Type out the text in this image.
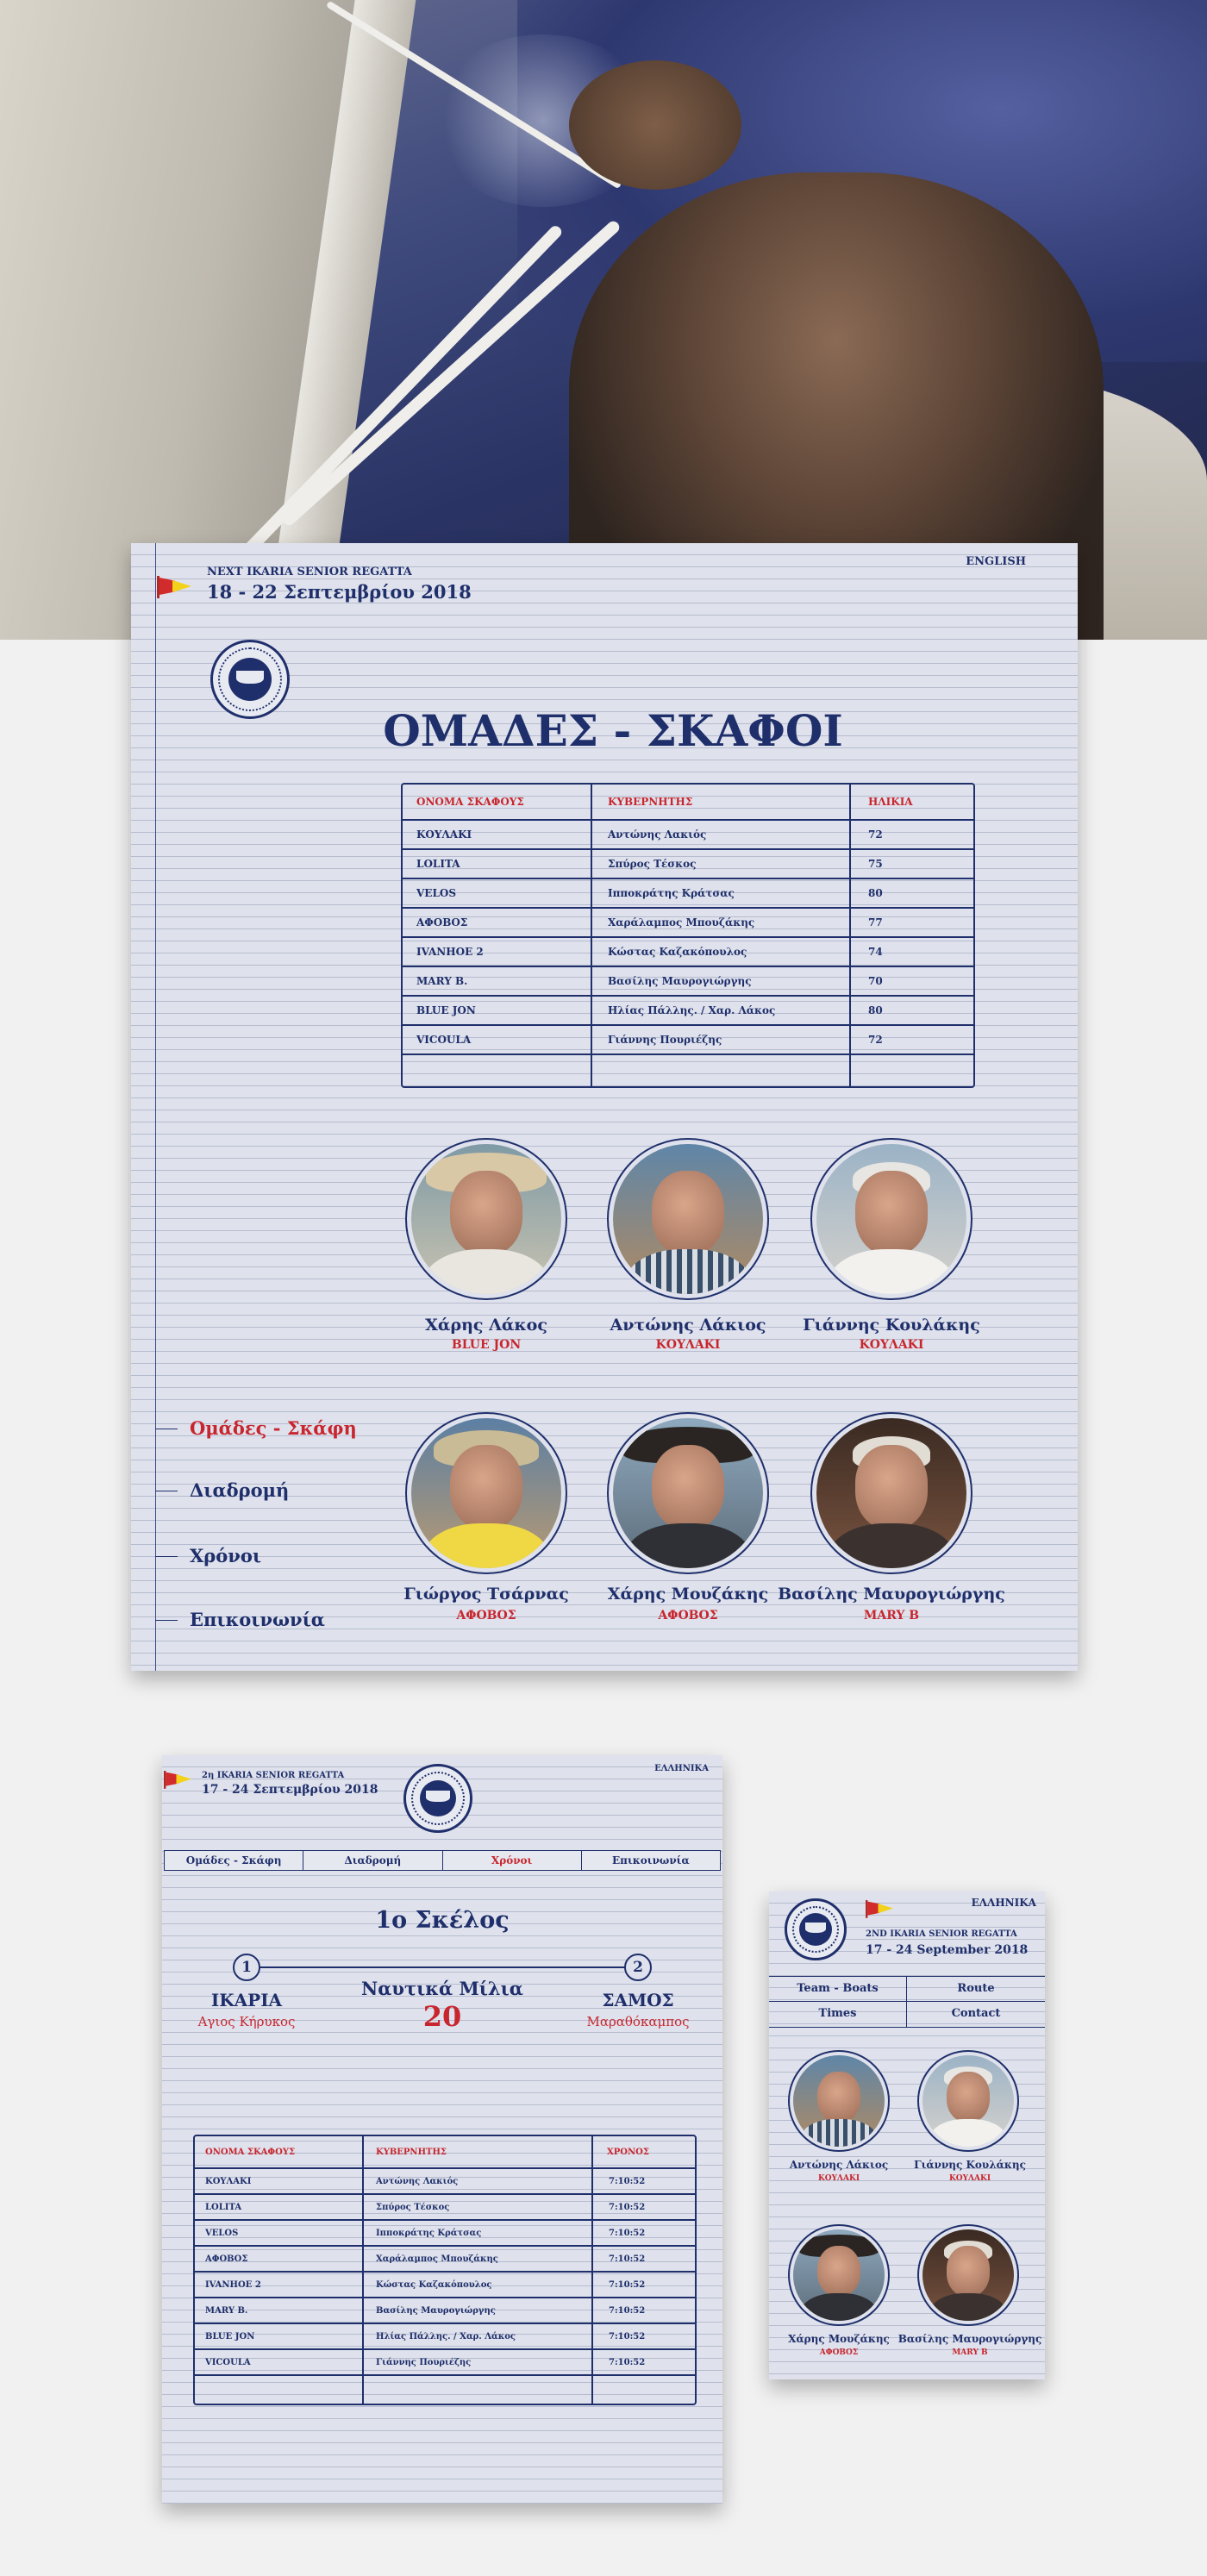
NEXT IKARIA SENIOR REGATTA
18 - 22 Σεπτεμβρίου 2018
ENGLISH
ΟΜΑΔΕΣ - ΣΚΑΦΟΙ
ΟΝΟΜΑ ΣΚΑΦΟΥΣ	ΚΥΒΕΡΝΗΤΗΣ	ΗΛΙΚΙΑ
ΚΟΥΛΑΚΙ	Αντώνης Λακιός	72
LOLITA	Σπύρος Τέσκος	75
VELOS	Ιπποκράτης Κράτσας	80
ΑΦΟΒΟΣ	Χαράλαμπος Μπουζάκης	77
IVANHOE 2	Κώστας Καζακόπουλος	74
MARY B.	Βασίλης Μαυρογιώργης	70
BLUE JON	Ηλίας Πάλλης. / Χαρ. Λάκος	80
VICOULA	Γιάννης Πουριέζης	72

Χάρης Λάκος
BLUE JON
Αντώνης Λάκιος
ΚΟΥΛΑΚΙ
Γιάννης Κουλάκης
ΚΟΥΛΑΚΙ
Γιώργος Τσάρνας
ΑΦΟΒΟΣ
Χάρης Μουζάκης
ΑΦΟΒΟΣ
Βασίλης Μαυρογιώργης
MARY B
Ομάδες - Σκάφη
Διαδρομή
Χρόνοι
Επικοινωνία
2η IKARIA SENIOR REGATTA
17 - 24 Σεπτεμβρίου 2018
ΕΛΛΗΝΙΚΑ
Ομάδες - Σκάφη	Διαδρομή	Χρόνοι	Επικοινωνία
1ο Σκέλος
1	2
ΙΚΑΡΙΑ
Αγιος Κήρυκος
ΣΑΜΟΣ
Μαραθόκαμπος
Ναυτικά Μίλια
20
ΟΝΟΜΑ ΣΚΑΦΟΥΣ	ΚΥΒΕΡΝΗΤΗΣ	ΧΡΟΝΟΣ
ΚΟΥΛΑΚΙ	Αντώνης Λακιός	7:10:52
LOLITA	Σπύρος Τέσκος	7:10:52
VELOS	Ιπποκράτης Κράτσας	7:10:52
ΑΦΟΒΟΣ	Χαράλαμπος Μπουζάκης	7:10:52
IVANHOE 2	Κώστας Καζακόπουλος	7:10:52
MARY B.	Βασίλης Μαυρογιώργης	7:10:52
BLUE JON	Ηλίας Πάλλης. / Χαρ. Λάκος	7:10:52
VICOULA	Γιάννης Πουριέζης	7:10:52

ΕΛΛΗΝΙΚΑ
2ND IKARIA SENIOR REGATTA
17 - 24 September 2018
Team - Boats	Route
Times	Contact
Αντώνης Λάκιος
ΚΟΥΛΑΚΙ
Γιάννης Κουλάκης
ΚΟΥΛΑΚΙ
Χάρης Μουζάκης
ΑΦΟΒΟΣ
Βασίλης Μαυρογιώργης
MARY B
